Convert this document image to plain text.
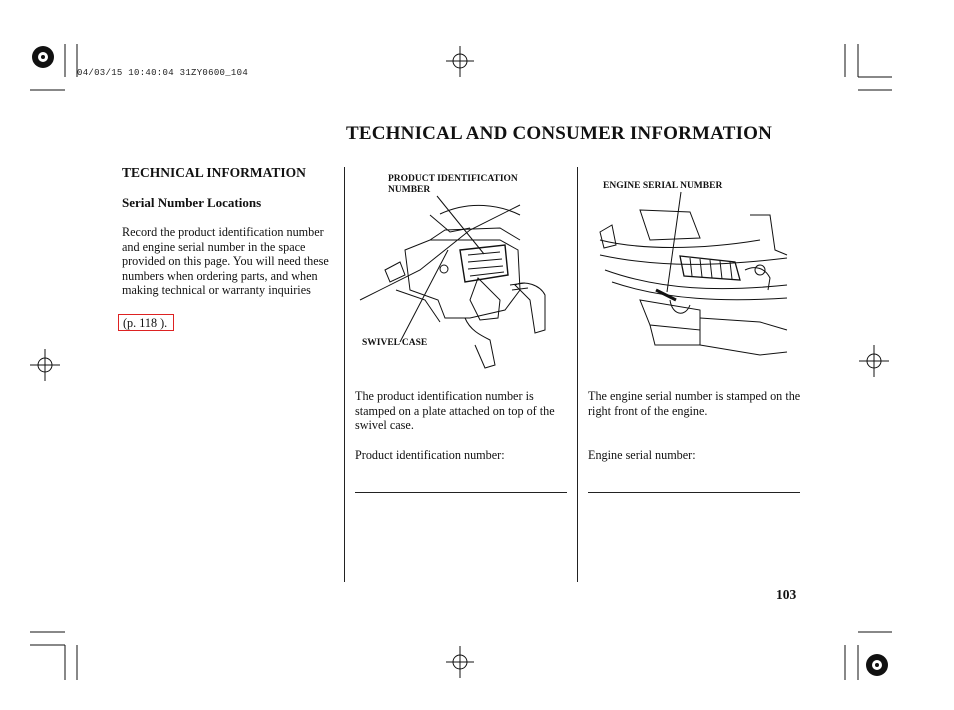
04/03/15 10:40:04 31ZY0600_104
TECHNICAL AND CONSUMER INFORMATION
TECHNICAL INFORMATION
Serial Number Locations
Record the product identification number and engine serial number in the space provided on this page. You will need these numbers when ordering parts, and when making technical or warranty inquiries
(p. 118 ).
PRODUCT IDENTIFICATION
NUMBER
SWIVEL CASE
ENGINE SERIAL NUMBER
The product identification number is stamped on a plate attached on top of the swivel case.
The engine serial number is stamped on the right front of the engine.
Product identification number:	Engine serial number:
103
